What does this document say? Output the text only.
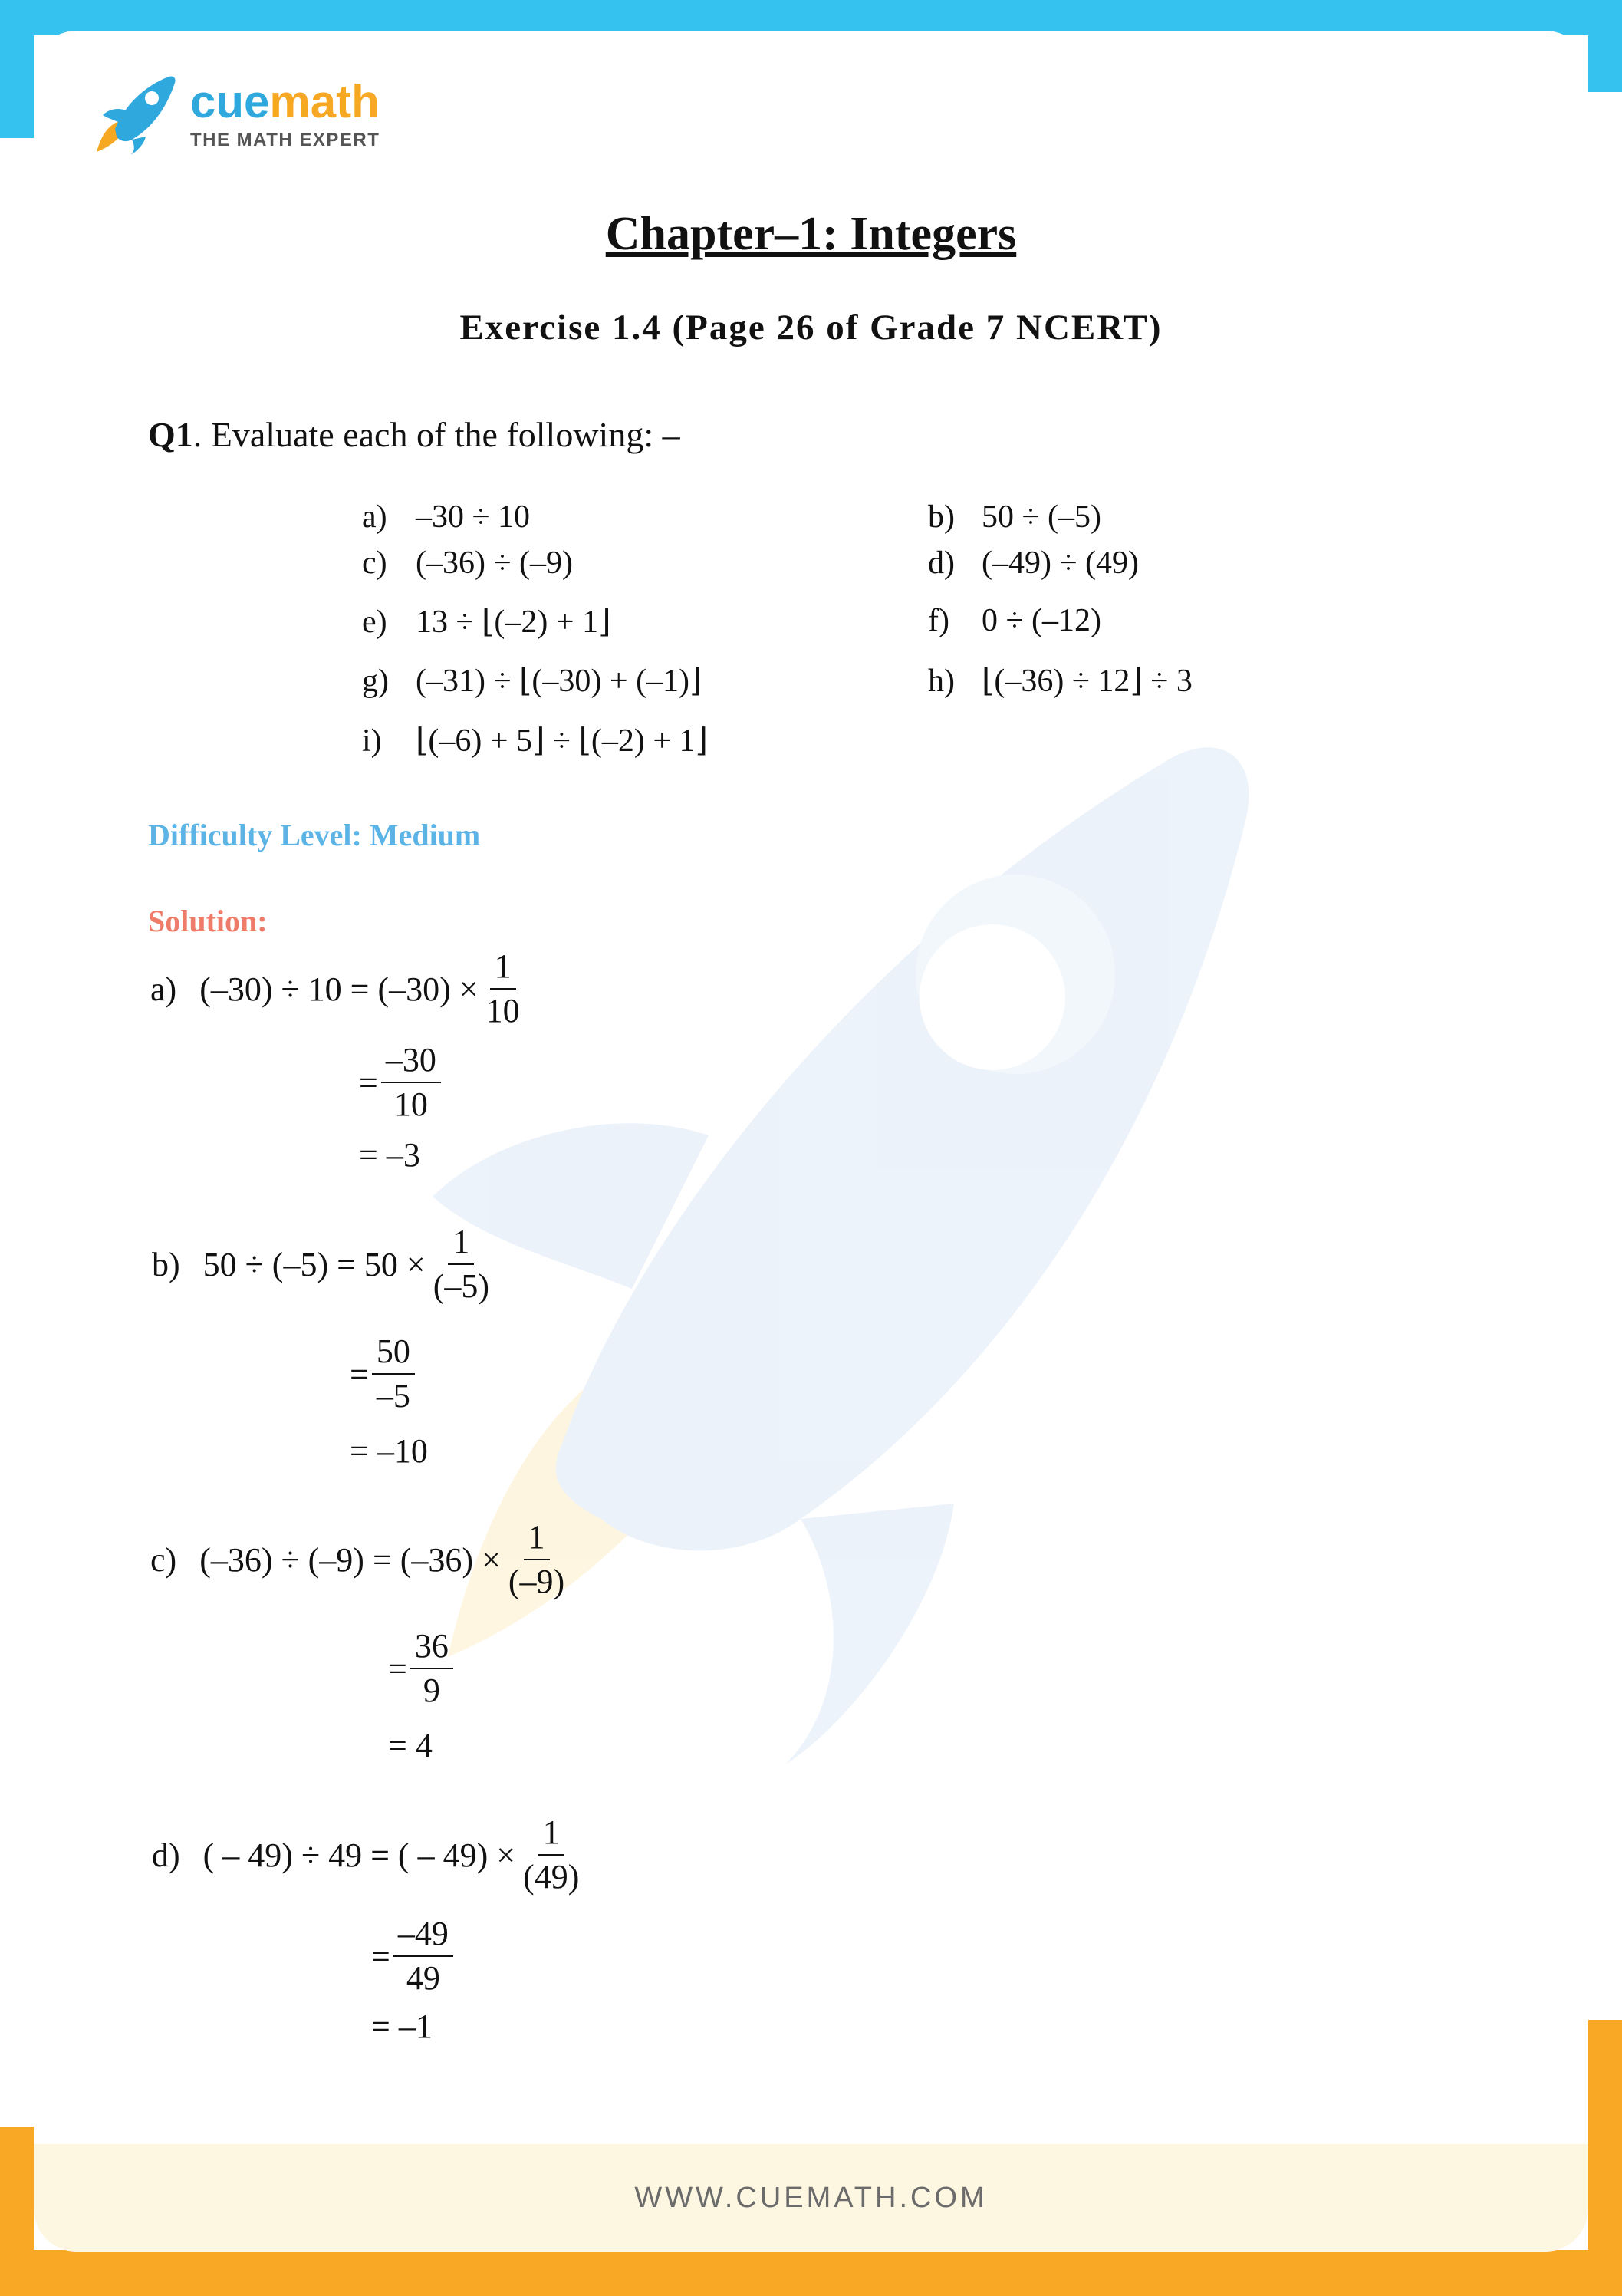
WWW.CUEMATH.COM
cuemath
THE MATH EXPERT
Chapter–1: Integers
Exercise 1.4 (Page 26 of Grade 7 NCERT)
Q1. Evaluate each of the following: –
a) –30 ÷ 10	b) 50 ÷ (–5)
c) (–36) ÷ (–9)	d) (–49) ÷ (49)
e) 13 ÷ ⌊(–2) + 1⌋	f) 0 ÷ (–12)
g) (–31) ÷ ⌊(–30) + (–1)⌋	h) ⌊(–36) ÷ 12⌋ ÷ 3
i) ⌊(–6) + 5⌋ ÷ ⌊(–2) + 1⌋
Difficulty Level: Medium
Solution:
a) $(-30) \div 10 = (-30) \times \frac{1}{10}$
= $\frac{-30}{10}$
= –3
b) $50 \div (-5) = 50 \times \frac{1}{(-5)}$
= $\frac{50}{-5}$
= –10
c) $(-36) \div (-9) = (-36) \times \frac{1}{(-9)}$
= $\frac{36}{9}$
= 4
d) ( – 49) ÷ 49 = ( – $49) \times \frac{1}{(49)}$
= $\frac{-49}{49}$
= –1
